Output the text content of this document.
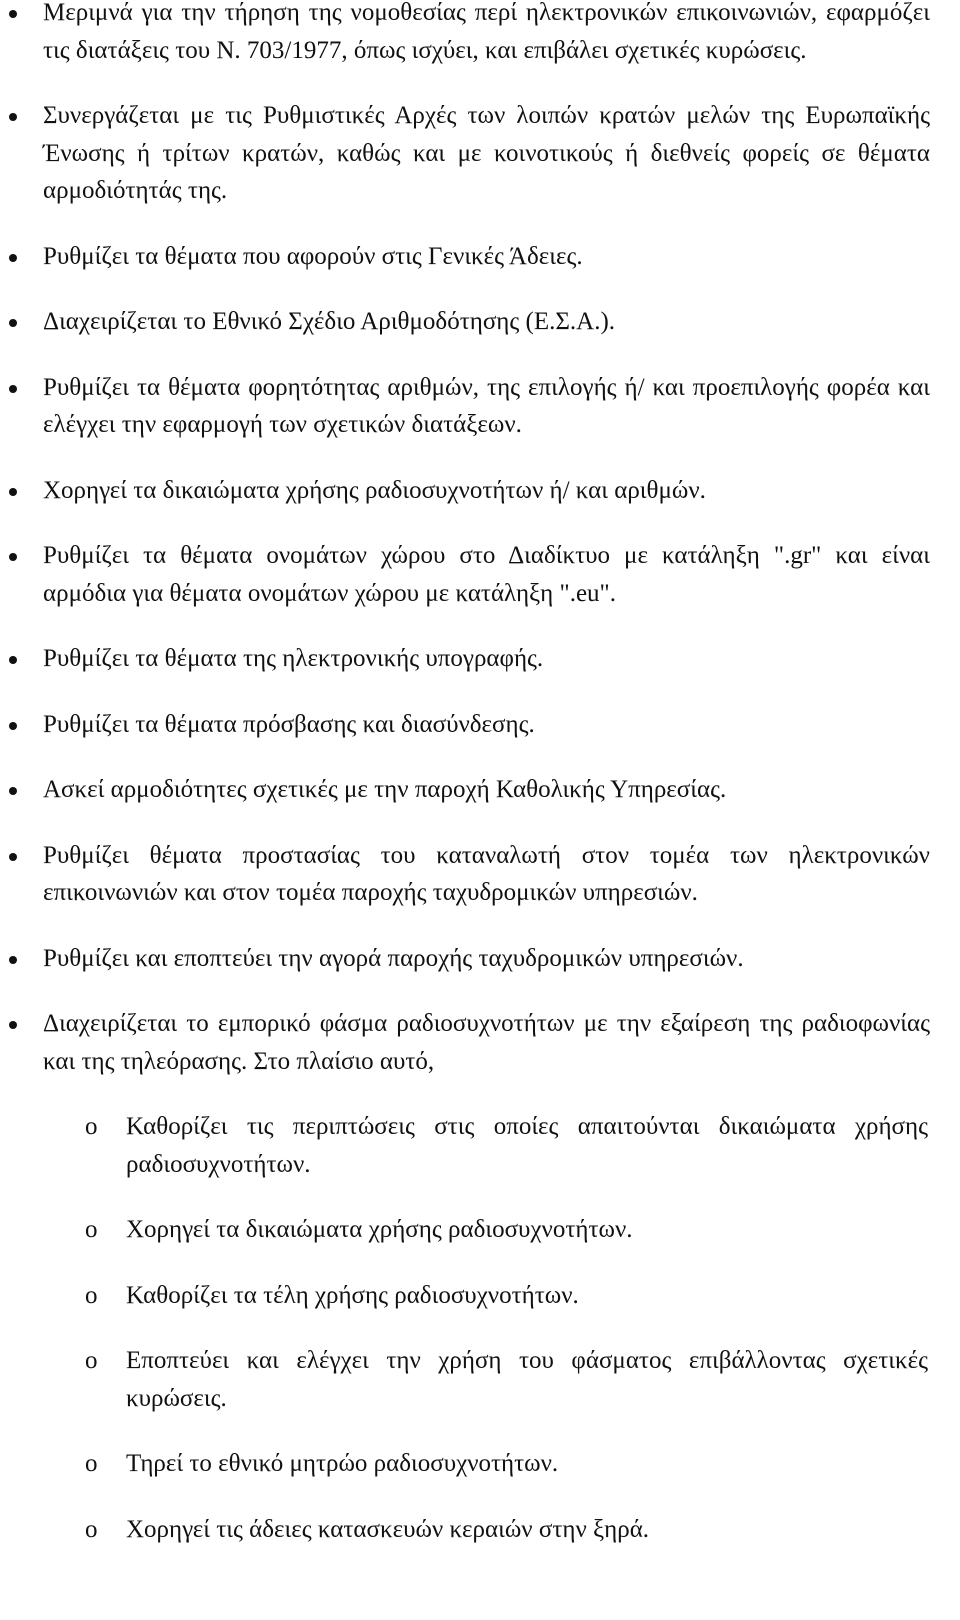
Μεριμνά για την τήρηση της νομοθεσίας περί ηλεκτρονικών επικοινωνιών, εφαρμόζει τις διατάξεις του Ν. 703/1977, όπως ισχύει, και επιβάλει σχετικές κυρώσεις.
Συνεργάζεται με τις Ρυθμιστικές Αρχές των λοιπών κρατών μελών της Ευρωπαϊκής Ένωσης ή τρίτων κρατών, καθώς και με κοινοτικούς ή διεθνείς φορείς σε θέματα αρμοδιότητάς της.
Ρυθμίζει τα θέματα που αφορούν στις Γενικές Άδειες.
Διαχειρίζεται το Εθνικό Σχέδιο Αριθμοδότησης (Ε.Σ.Α.).
Ρυθμίζει τα θέματα φορητότητας αριθμών, της επιλογής ή/ και προεπιλογής φορέα και ελέγχει την εφαρμογή των σχετικών διατάξεων.
Χορηγεί τα δικαιώματα χρήσης ραδιοσυχνοτήτων ή/ και αριθμών.
Ρυθμίζει τα θέματα ονομάτων χώρου στο Διαδίκτυο με κατάληξη ".gr" και είναι αρμόδια για θέματα ονομάτων χώρου με κατάληξη ".eu".
Ρυθμίζει τα θέματα της ηλεκτρονικής υπογραφής.
Ρυθμίζει τα θέματα πρόσβασης και διασύνδεσης.
Ασκεί αρμοδιότητες σχετικές με την παροχή Καθολικής Υπηρεσίας.
Ρυθμίζει θέματα προστασίας του καταναλωτή στον τομέα των ηλεκτρονικών επικοινωνιών και στον τομέα παροχής ταχυδρομικών υπηρεσιών.
Ρυθμίζει και εποπτεύει την αγορά παροχής ταχυδρομικών υπηρεσιών.
Διαχειρίζεται το εμπορικό φάσμα ραδιοσυχνοτήτων με την εξαίρεση της ραδιοφωνίας και της τηλεόρασης. Στο πλαίσιο αυτό,
o Καθορίζει τις περιπτώσεις στις οποίες απαιτούνται δικαιώματα χρήσης ραδιοσυχνοτήτων.
o Χορηγεί τα δικαιώματα χρήσης ραδιοσυχνοτήτων.
o Καθορίζει τα τέλη χρήσης ραδιοσυχνοτήτων.
o Εποπτεύει και ελέγχει την χρήση του φάσματος επιβάλλοντας σχετικές κυρώσεις.
o Τηρεί το εθνικό μητρώο ραδιοσυχνοτήτων.
o Χορηγεί τις άδειες κατασκευών κεραιών στην ξηρά.
